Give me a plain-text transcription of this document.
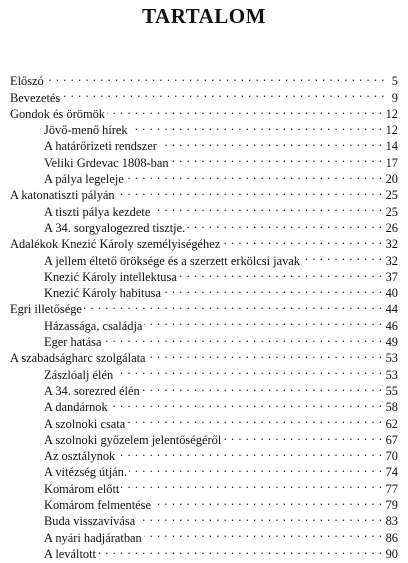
TARTALOM
Előszó . . .	5
Bevezetés . . .	9
Gondok és örömök . . .	12
Jövő-menő hírek . . .	12
A határőrizeti rendszer . . .	14
Veliki Grdevac 1808-ban . . .	17
A pálya legeleje . . .	20
A katonatiszti pályán . . .	25
A tiszti pálya kezdete . . .	25
A 34. sorgyalogezred tisztje. . . .	26
Adalékok Knezić Károly személyiségéhez . . .	32
A jellem éltető öröksége és a szerzett erkölcsi javak . . .	32
Knezić Károly intellektusa . . .	37
Knezić Károly habitusa . . .	40
Egri illetősége . . .	44
Házassága, családja . . .	46
Eger hatása . . .	49
A szabadságharc szolgálata . . .	53
Zászlóalj élén . . .	53
A 34. sorezred élén . . .	55
A dandárnok . . .	58
A szolnoki csata . . .	62
A szolnoki győzelem jelentőségéről . . .	67
Az osztálynok . . .	70
A vitézség útján. . . .	74
Komárom előtt . . .	77
Komárom felmentése . . .	79
Buda visszavívása . . .	83
A nyári hadjáratban . . .	86
A leváltott . . .	90
